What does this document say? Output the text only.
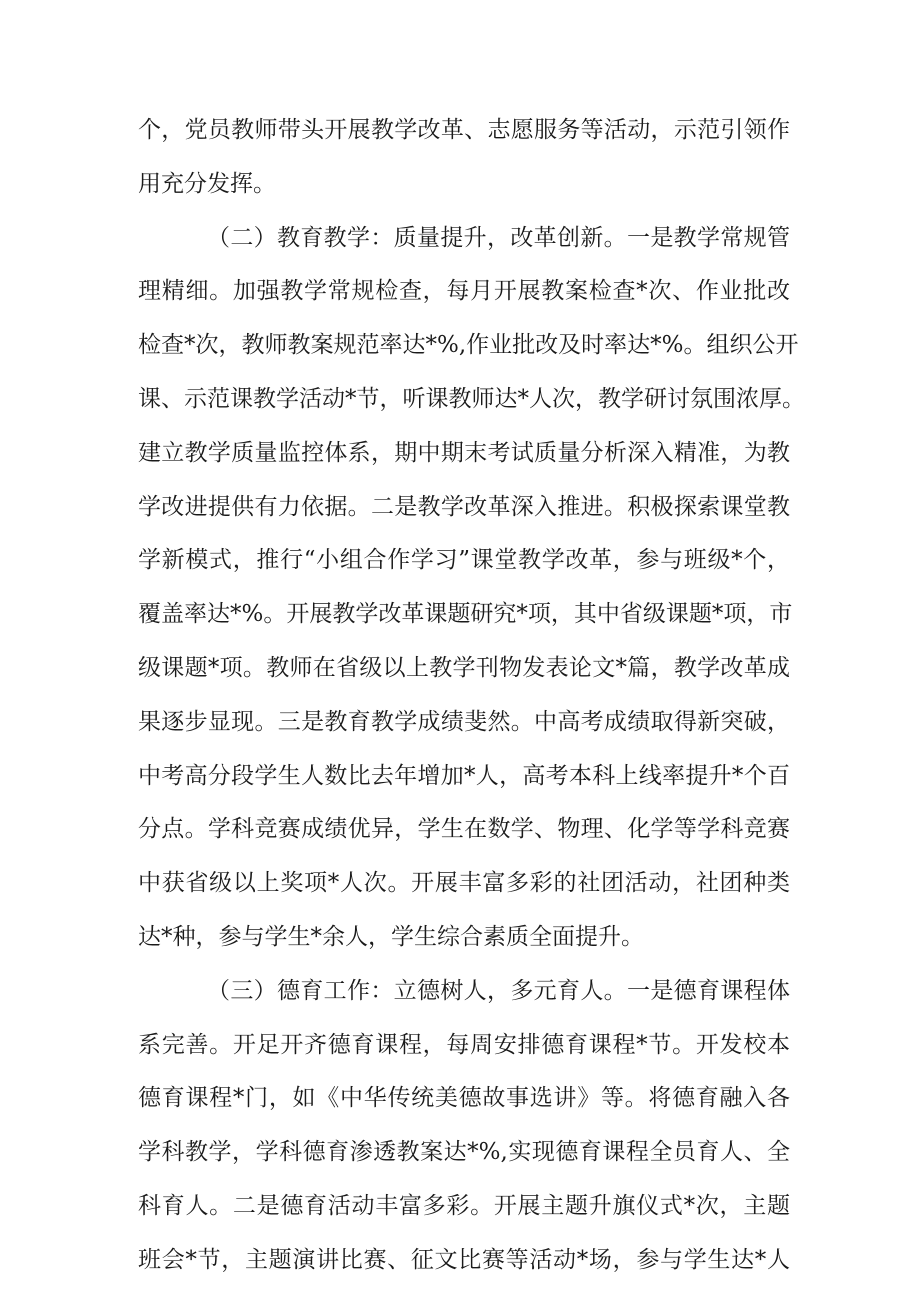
个，党员教师带头开展教学改革、志愿服务等活动，示范引领作
用充分发挥。
（二）教育教学：质量提升，改革创新。一是教学常规管
理精细。加强教学常规检查，每月开展教案检查*次、作业批改
检查*次，教师教案规范率达*%,作业批改及时率达*%。组织公开
课、示范课教学活动*节，听课教师达*人次，教学研讨氛围浓厚。
建立教学质量监控体系，期中期末考试质量分析深入精准，为教
学改进提供有力依据。二是教学改革深入推进。积极探索课堂教
学新模式，推行“小组合作学习”课堂教学改革，参与班级*个，
覆盖率达*%。开展教学改革课题研究*项，其中省级课题*项，市
级课题*项。教师在省级以上教学刊物发表论文*篇，教学改革成
果逐步显现。三是教育教学成绩斐然。中高考成绩取得新突破，
中考高分段学生人数比去年增加*人，高考本科上线率提升*个百
分点。学科竞赛成绩优异，学生在数学、物理、化学等学科竞赛
中获省级以上奖项*人次。开展丰富多彩的社团活动，社团种类
达*种，参与学生*余人，学生综合素质全面提升。
（三）德育工作：立德树人，多元育人。一是德育课程体
系完善。开足开齐德育课程，每周安排德育课程*节。开发校本
德育课程*门，如《中华传统美德故事选讲》等。将德育融入各
学科教学，学科德育渗透教案达*%,实现德育课程全员育人、全
科育人。二是德育活动丰富多彩。开展主题升旗仪式*次，主题
班会*节，主题演讲比赛、征文比赛等活动*场，参与学生达*人
